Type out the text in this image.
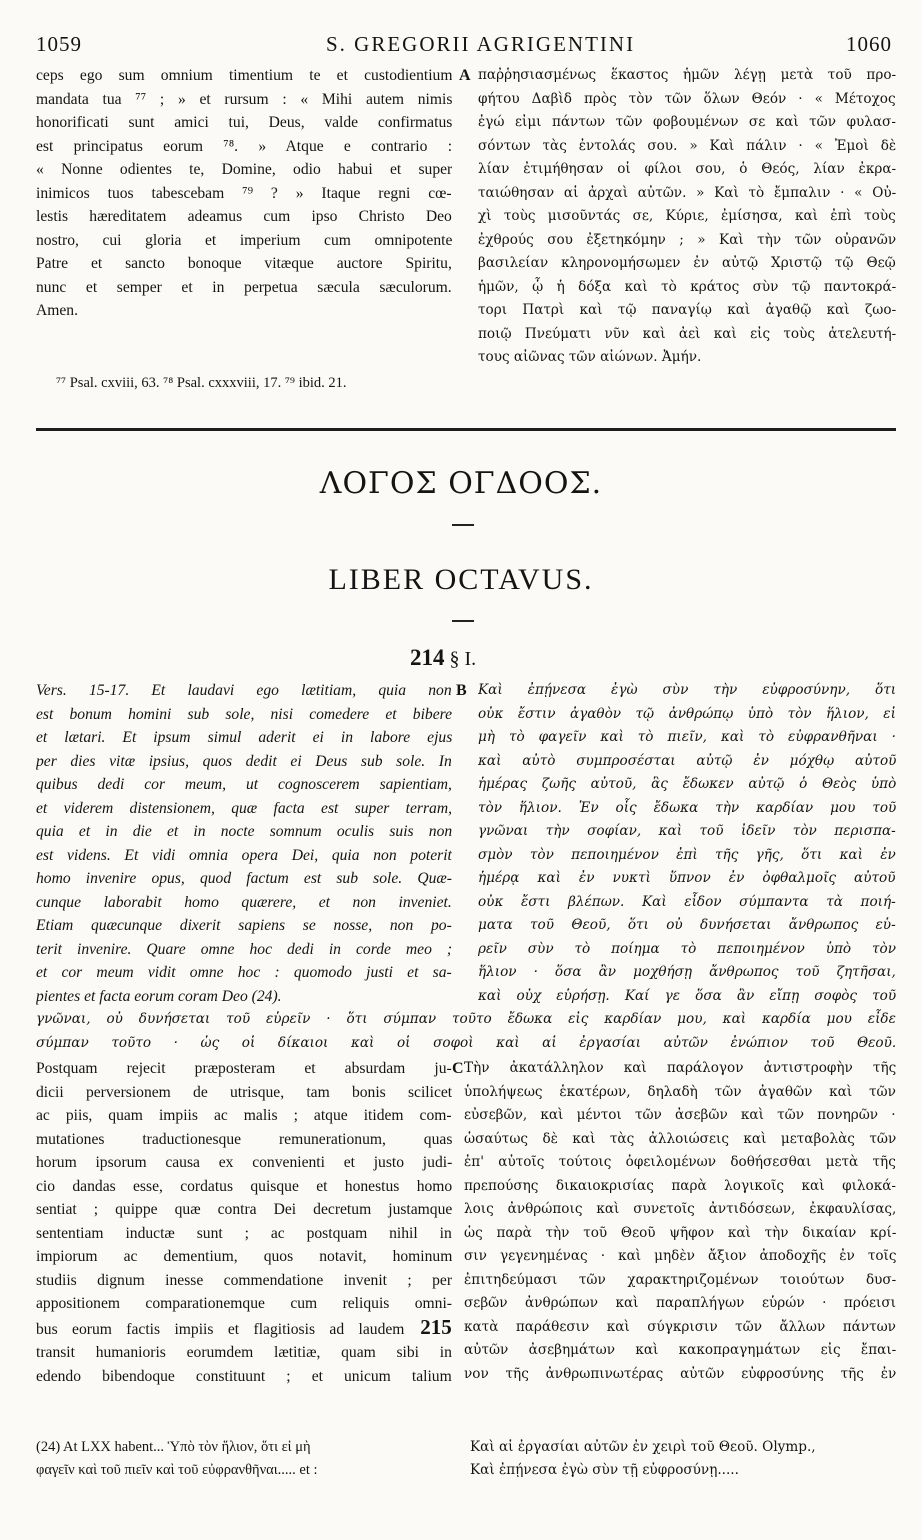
1059	S. GREGORII AGRIGENTINI	1060

ceps ego sum omnium timentium te et custodientium
mandata tua ⁷⁷ ; » et rursum : « Mihi autem nimis
honorificati sunt amici tui, Deus, valde confirmatus
est principatus eorum ⁷⁸. » Atque e contrario :
« Nonne odientes te, Domine, odio habui et super
inimicos tuos tabescebam ⁷⁹ ? » Itaque regni cœ-
lestis hæreditatem adeamus cum ipso Christo Deo
nostro, cui gloria et imperium cum omnipotente
Patre et sancto bonoque vitæque auctore Spiritu,
nunc et semper et in perpetua sæcula sæculorum.
Amen.

A παῤῥησιασμένως ἕκαστος ἡμῶν λέγῃ μετὰ τοῦ προ-
φήτου Δαβὶδ πρὸς τὸν τῶν ὅλων Θεόν · « Μέτοχος
ἐγώ εἰμι πάντων τῶν φοβουμένων σε καὶ τῶν φυλασ-
σόντων τὰς ἐντολάς σου. » Καὶ πάλιν · « Ἐμοὶ δὲ
λίαν ἐτιμήθησαν οἱ φίλοι σου, ὁ Θεός, λίαν ἐκρα-
ταιώθησαν αἱ ἀρχαὶ αὐτῶν. » Καὶ τὸ ἔμπαλιν · « Οὐ-
χὶ τοὺς μισοῦντάς σε, Κύριε, ἐμίσησα, καὶ ἐπὶ τοὺς
ἐχθρούς σου ἐξετηκόμην ; » Καὶ τὴν τῶν οὐρανῶν
βασιλείαν κληρονομήσωμεν ἐν αὐτῷ Χριστῷ τῷ Θεῷ
ἡμῶν, ᾧ ἡ δόξα καὶ τὸ κράτος σὺν τῷ παντοκρά-
τορι Πατρὶ καὶ τῷ παναγίῳ καὶ ἀγαθῷ καὶ ζωο-
ποιῷ Πνεύματι νῦν καὶ ἀεὶ καὶ εἰς τοὺς ἀτελευτή-
τους αἰῶνας τῶν αἰώνων. Ἀμήν.

⁷⁷ Psal. cxviii, 63. ⁷⁸ Psal. cxxxviii, 17. ⁷⁹ ibid. 21.
ΛΟΓΟΣ ΟΓΔΟΟΣ.
LIBER OCTAVUS.
214 § I.

Vers. 15-17. Et laudavi ego lætitiam, quia non
est bonum homini sub sole, nisi comedere et bibere
et lætari. Et ipsum simul aderit ei in labore ejus
per dies vitæ ipsius, quos dedit ei Deus sub sole. In
quibus dedi cor meum, ut cognoscerem sapientiam,
et viderem distensionem, quæ facta est super terram,
quia et in die et in nocte somnum oculis suis non
est videns. Et vidi omnia opera Dei, quia non poterit
homo invenire opus, quod factum est sub sole. Quæ-
cunque laborabit homo quærere, et non inveniet.
Etiam quæcunque dixerit sapiens se nosse, non po-
terit invenire. Quare omne hoc dedi in corde meo ;
et cor meum vidit omne hoc : quomodo justi et sa-
pientes et facta eorum coram Deo (24).

B Καὶ ἐπῄνεσα ἐγὼ σὺν τὴν εὐφροσύνην, ὅτι
οὐκ ἔστιν ἀγαθὸν τῷ ἀνθρώπῳ ὑπὸ τὸν ἥλιον, εἰ
μὴ τὸ φαγεῖν καὶ τὸ πιεῖν, καὶ τὸ εὐφρανθῆναι ·
καὶ αὐτὸ συμπροσέσται αὐτῷ ἐν μόχθῳ αὐτοῦ
ἡμέρας ζωῆς αὐτοῦ, ἃς ἔδωκεν αὐτῷ ὁ Θεὸς ὑπὸ
τὸν ἥλιον. Ἐν οἷς ἔδωκα τὴν καρδίαν μου τοῦ
γνῶναι τὴν σοφίαν, καὶ τοῦ ἰδεῖν τὸν περισπα-
σμὸν τὸν πεποιημένον ἐπὶ τῆς γῆς, ὅτι καὶ ἐν
ἡμέρᾳ καὶ ἐν νυκτὶ ὕπνον ἐν ὀφθαλμοῖς αὐτοῦ
οὐκ ἔστι βλέπων. Καὶ εἶδον σύμπαντα τὰ ποιή-
ματα τοῦ Θεοῦ, ὅτι οὐ δυνήσεται ἄνθρωπος εὑ-
ρεῖν σὺν τὸ ποίημα τὸ πεποιημένον ὑπὸ τὸν
ἥλιον · ὅσα ἂν μοχθήσῃ ἄνθρωπος τοῦ ζητῆσαι,
καὶ οὐχ εὑρήσῃ. Καί γε ὅσα ἂν εἴπῃ σοφὸς τοῦ

γνῶναι, οὐ δυνήσεται τοῦ εὑρεῖν · ὅτι σύμπαν τοῦτο ἔδωκα εἰς καρδίαν μου, καὶ καρδία μου εἶδε
σύμπαν τοῦτο · ὡς οἱ δίκαιοι καὶ οἱ σοφοὶ καὶ αἱ ἐργασίαι αὐτῶν ἐνώπιον τοῦ Θεοῦ.

Postquam rejecit præposteram et absurdam ju-
dicii perversionem de utrisque, tam bonis scilicet
ac piis, quam impiis ac malis ; atque itidem com-
mutationes traductionesque remunerationum, quas
horum ipsorum causa ex convenienti et justo judi-
cio dandas esse, cordatus quisque et honestus homo
sentiat ; quippe quæ contra Dei decretum justamque
sententiam inductæ sunt ; ac postquam nihil in
impiorum ac dementium, quos notavit, hominum
studiis dignum inesse commendatione invenit ; per
appositionem comparationemque cum reliquis omni-
bus eorum factis impiis et flagitiosis ad laudem 215
transit humanioris eorumdem lætitiæ, quam sibi in
edendo bibendoque constituunt ; et unicum talium

C Τὴν ἀκατάλληλον καὶ παράλογον ἀντιστροφὴν τῆς
ὑπολήψεως ἑκατέρων, δηλαδὴ τῶν ἀγαθῶν καὶ τῶν
εὐσεβῶν, καὶ μέντοι τῶν ἀσεβῶν καὶ τῶν πονηρῶν ·
ὡσαύτως δὲ καὶ τὰς ἀλλοιώσεις καὶ μεταβολὰς τῶν
ἐπ' αὐτοῖς τούτοις ὀφειλομένων δοθήσεσθαι μετὰ τῆς
πρεπούσης δικαιοκρισίας παρὰ λογικοῖς καὶ φιλοκά-
λοις ἀνθρώποις καὶ συνετοῖς ἀντιδόσεων, ἐκφαυλίσας,
ὡς παρὰ τὴν τοῦ Θεοῦ ψῆφον καὶ τὴν δικαίαν κρί-
σιν γεγενημένας · καὶ μηδὲν ἄξιον ἀποδοχῆς ἐν τοῖς
ἐπιτηδεύμασι τῶν χαρακτηριζομένων τοιούτων δυσ-
σεβῶν ἀνθρώπων καὶ παραπλήγων εὑρών · πρόεισι
κατὰ παράθεσιν καὶ σύγκρισιν τῶν ἄλλων πάντων
αὐτῶν ἀσεβημάτων καὶ κακοπραγημάτων εἰς ἔπαι-
νον τῆς ἀνθρωπινωτέρας αὐτῶν εὐφροσύνης τῆς ἐν

(24) At LXX habent... Ὑπὸ τὸν ἥλιον, ὅτι εἰ μὴ
φαγεῖν καὶ τοῦ πιεῖν καὶ τοῦ εὐφρανθῆναι..... et :
Καὶ αἱ ἐργασίαι αὐτῶν ἐν χειρὶ τοῦ Θεοῦ. Olymp.,
Καὶ ἐπῄνεσα ἐγὼ σὺν τῇ εὐφροσύνῃ.....
